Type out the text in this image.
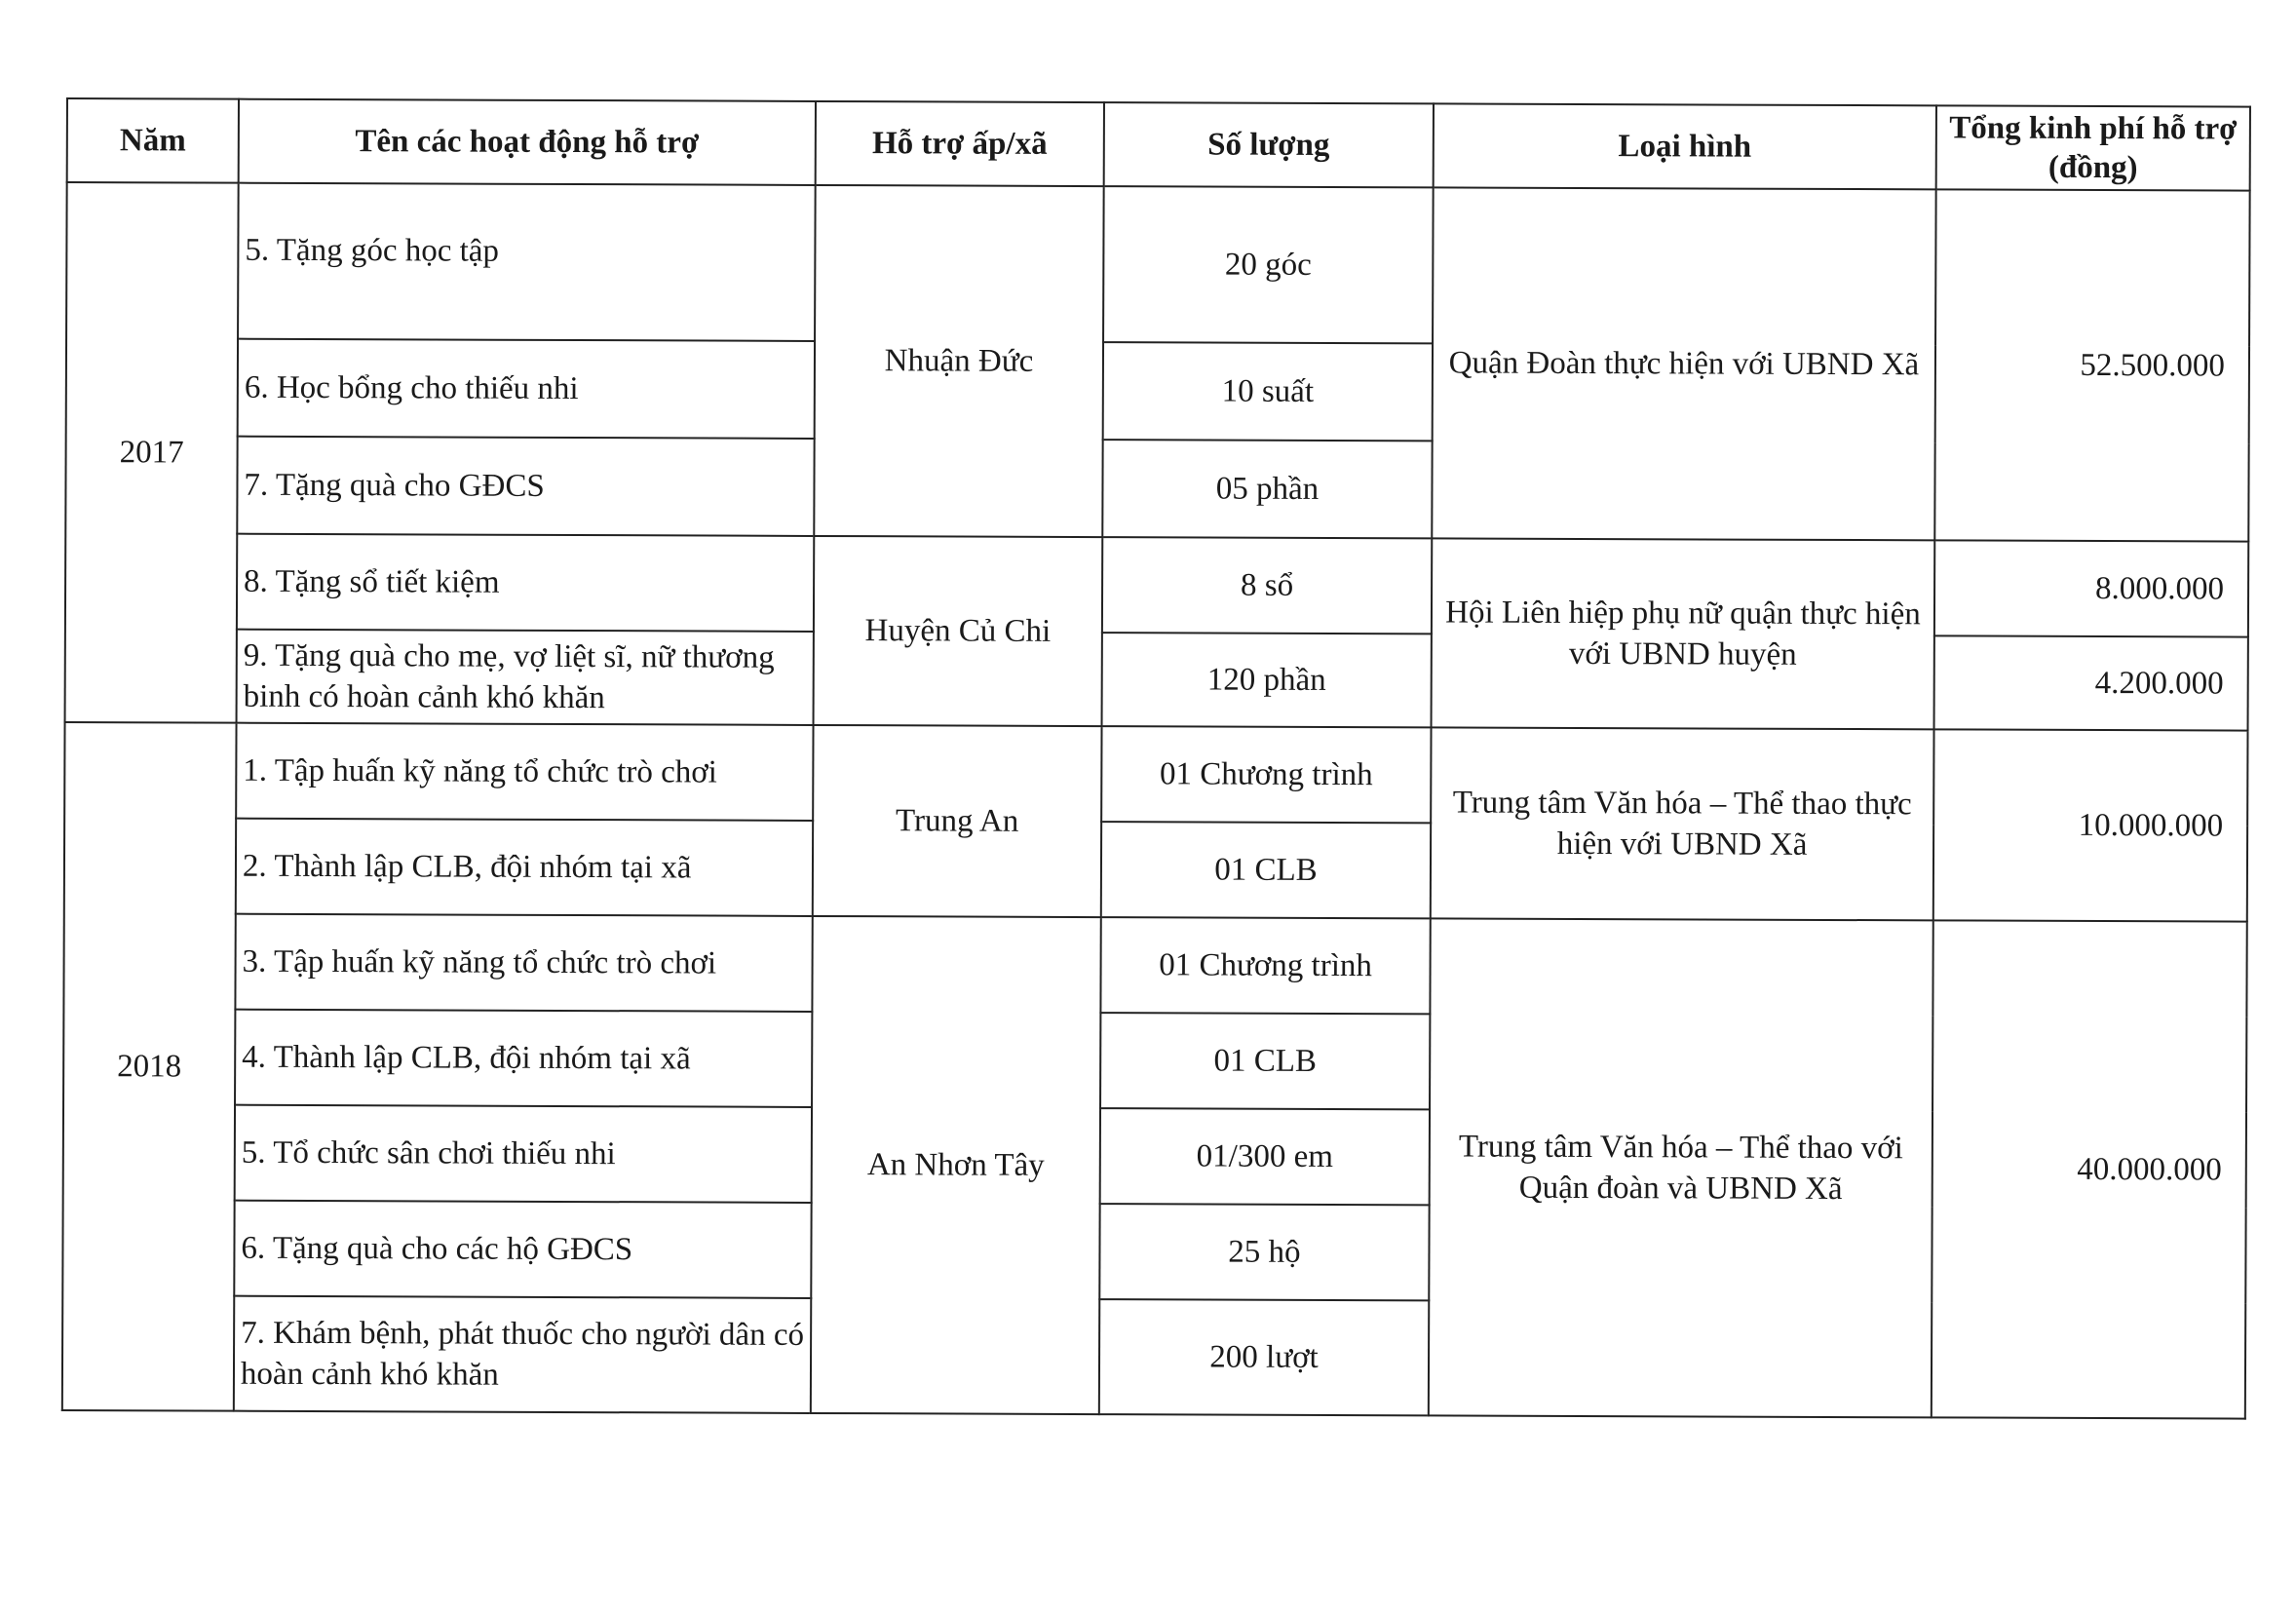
Năm	Tên các hoạt động hỗ trợ	Hỗ trợ ấp/xã	Số lượng	Loại hình	Tổng kinh phí hỗ trợ (đồng)
2017	5. Tặng góc học tập	Nhuận Đức	20 góc	Quận Đoàn thực hiện với UBND Xã	52.500.000
	6. Học bổng cho thiếu nhi		10 suất		
	7. Tặng quà cho GĐCS		05 phần		
	8. Tặng sổ tiết kiệm	Huyện Củ Chi	8 sổ	Hội Liên hiệp phụ nữ quận thực hiện với UBND huyện	8.000.000
	9. Tặng quà cho mẹ, vợ liệt sĩ, nữ thương binh có hoàn cảnh khó khăn		120 phần		4.200.000
2018	1. Tập huấn kỹ năng tổ chức trò chơi	Trung An	01 Chương trình	Trung tâm Văn hóa – Thể thao thực hiện với UBND Xã	10.000.000
	2. Thành lập CLB, đội nhóm tại xã		01 CLB		
	3. Tập huấn kỹ năng tổ chức trò chơi	An Nhơn Tây	01 Chương trình	Trung tâm Văn hóa – Thể thao với Quận đoàn và UBND Xã	40.000.000
	4. Thành lập CLB, đội nhóm tại xã		01 CLB		
	5. Tổ chức sân chơi thiếu nhi		01/300 em		
	6. Tặng quà cho các hộ GĐCS		25 hộ		
	7. Khám bệnh, phát thuốc cho người dân có hoàn cảnh khó khăn		200 lượt		
